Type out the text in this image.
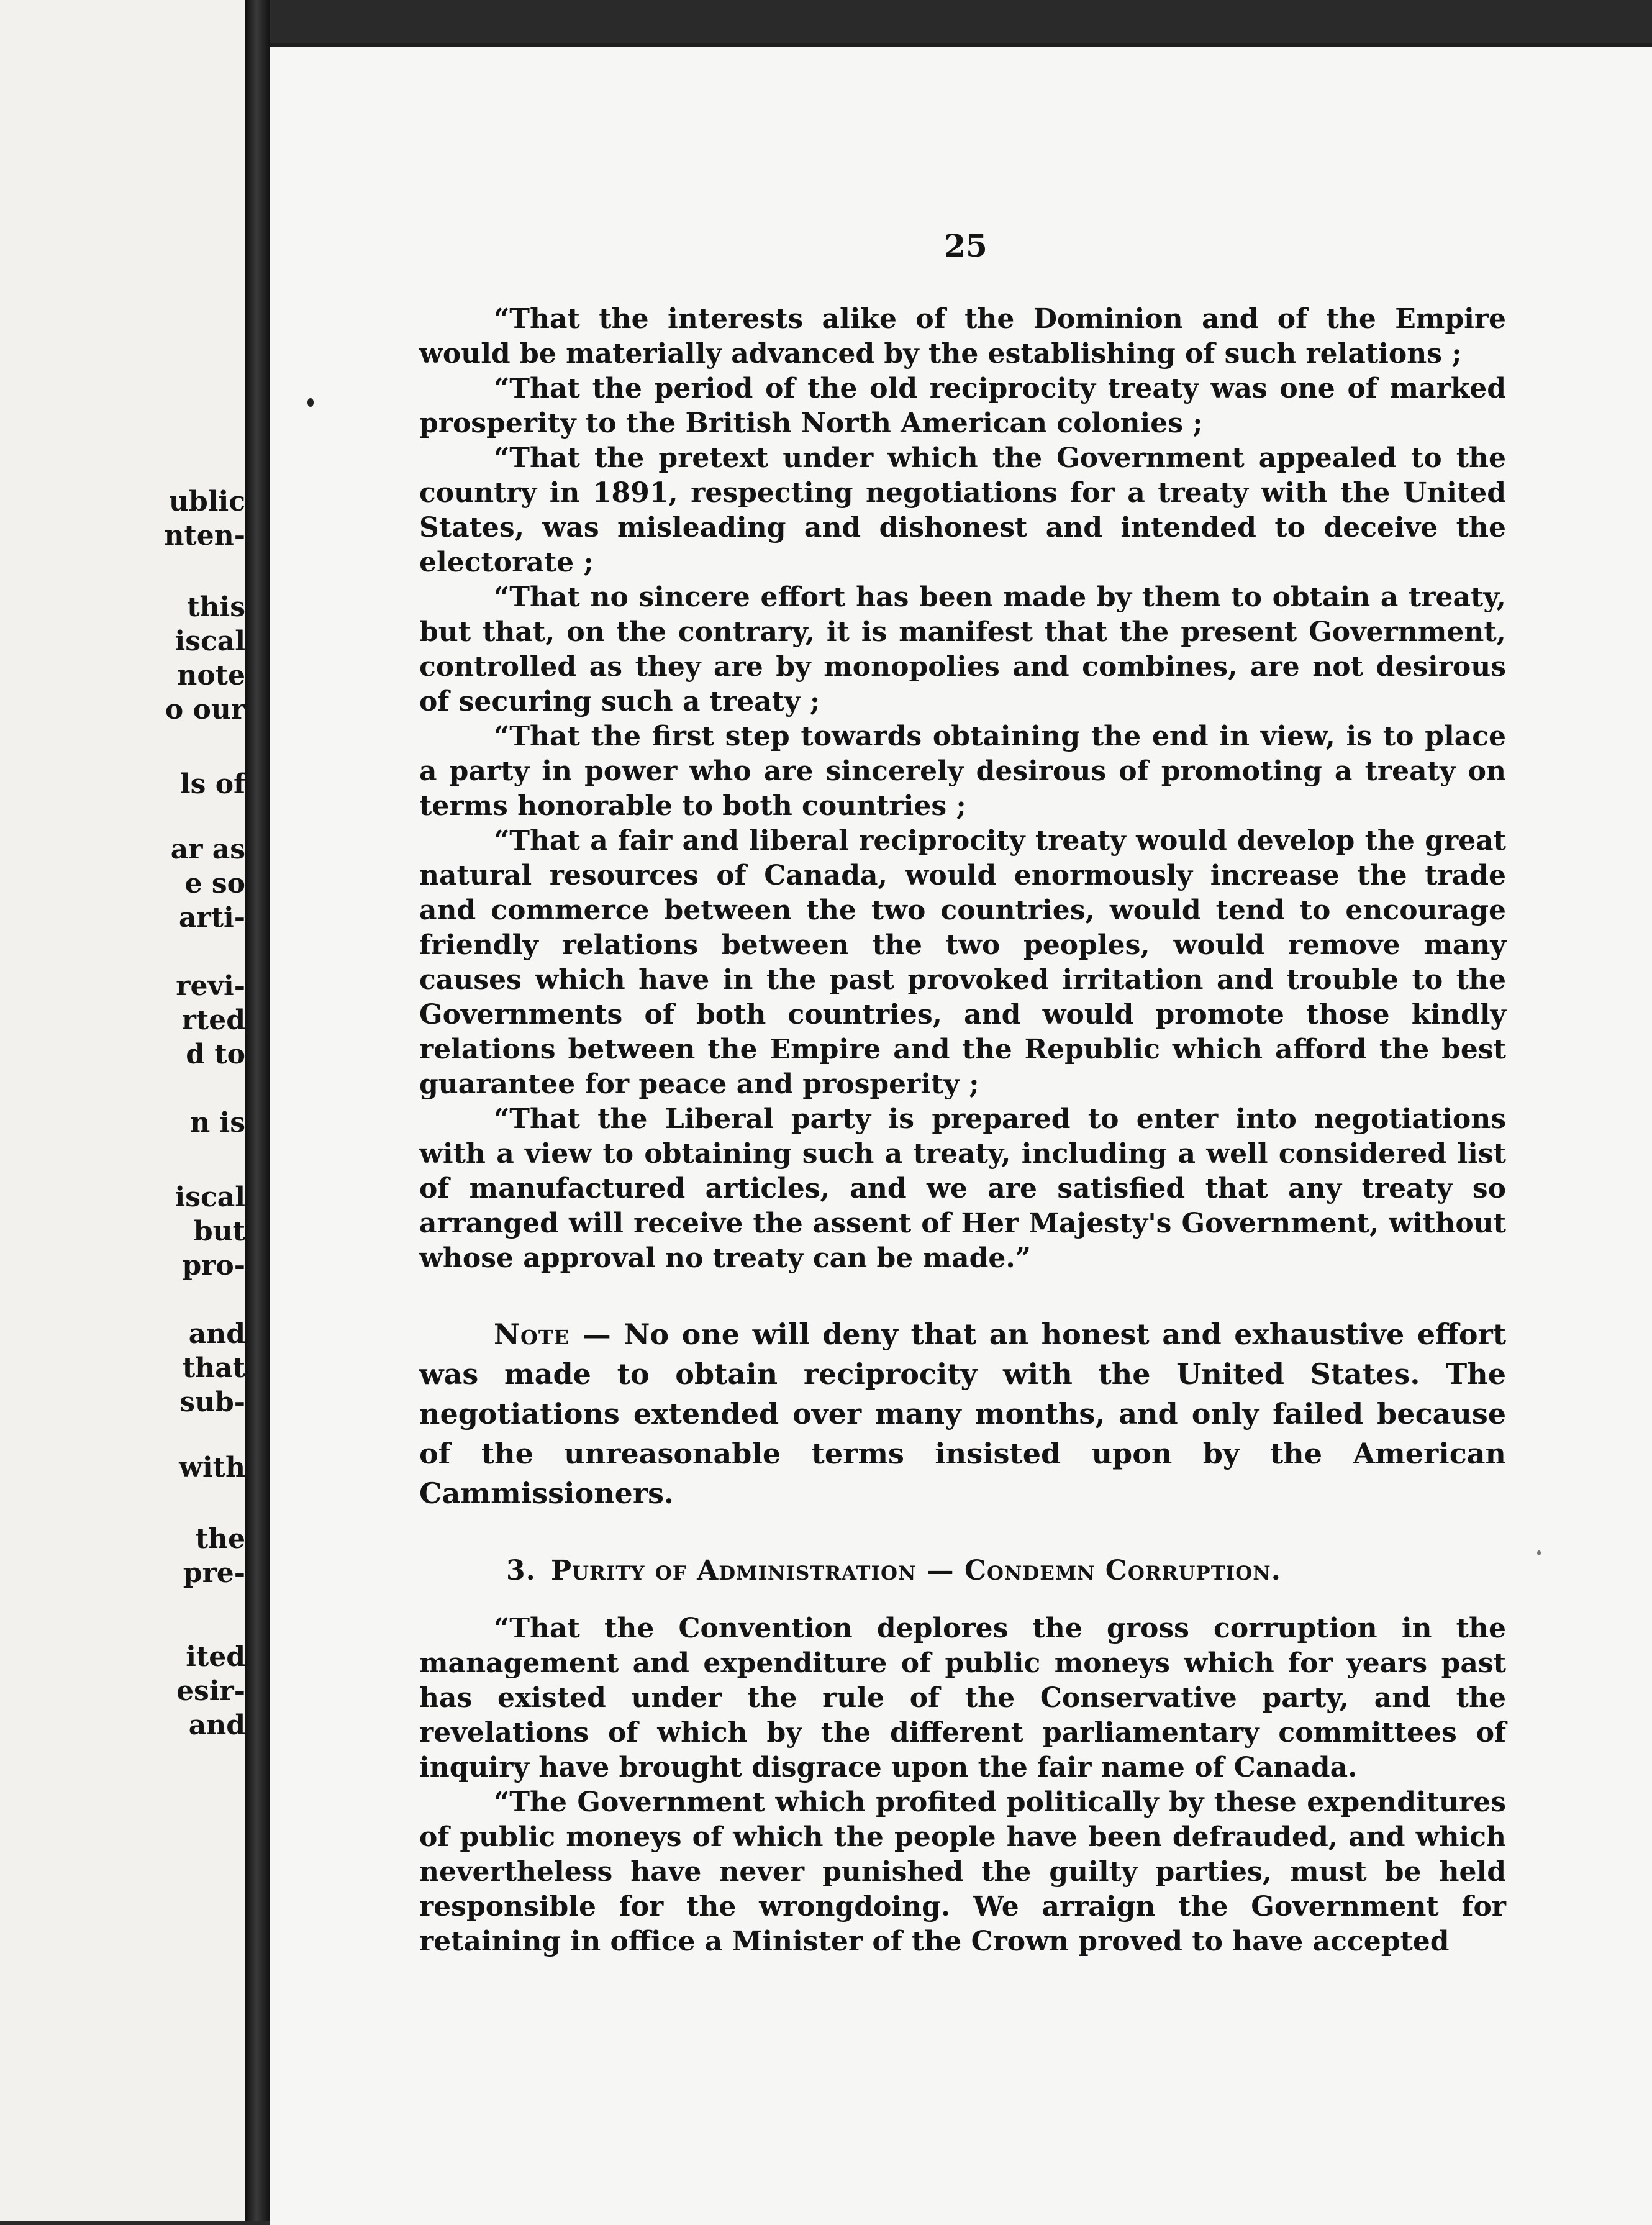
ublic

nten-

this

iscal

note

o our

ls of

ar as

e so

arti-

revi-

rted

d to

n is

iscal

but

pro-

and

that

sub-

with

the

pre-

ited

esir-

and

25

“That the interests alike of the Dominion and of the Empire would be materially advanced by the establishing of such relations ;

“That the period of the old reciprocity treaty was one of marked prosperity to the British North American colonies ;

“That the pretext under which the Government appealed to the country in 1891, respecting negotiations for a treaty with the United States, was misleading and dishonest and intended to deceive the electorate ;

“That no sincere effort has been made by them to obtain a treaty, but that, on the contrary, it is manifest that the present Government, controlled as they are by monopolies and combines, are not desirous of securing such a treaty ;

“That the first step towards obtaining the end in view, is to place a party in power who are sincerely desirous of promoting a treaty on terms honorable to both countries ;

“That a fair and liberal reciprocity treaty would develop the great natural resources of Canada, would enormously increase the trade and commerce between the two countries, would tend to encourage friendly relations between the two peoples, would remove many causes which have in the past provoked irritation and trouble to the Governments of both countries, and would promote those kindly relations between the Empire and the Republic which afford the best guarantee for peace and prosperity ;

“That the Liberal party is prepared to enter into negotiations with a view to obtaining such a treaty, including a well considered list of manufactured articles, and we are satisfied that any treaty so arranged will receive the assent of Her Majesty's Government, without whose approval no treaty can be made.”

Note — No one will deny that an honest and exhaustive effort was made to obtain reciprocity with the United States. The negotiations extended over many months, and only failed because of the unreasonable terms insisted upon by the American Cammissioners.

3. Purity of Administration — Condemn Corruption.

“That the Convention deplores the gross corruption in the management and expenditure of public moneys which for years past has existed under the rule of the Conservative party, and the revelations of which by the different parliamentary committees of inquiry have brought disgrace upon the fair name of Canada.

“The Government which profited politically by these expenditures of public moneys of which the people have been defrauded, and which nevertheless have never punished the guilty parties, must be held responsible for the wrongdoing. We arraign the Government for retaining in office a Minister of the Crown proved to have accepted
